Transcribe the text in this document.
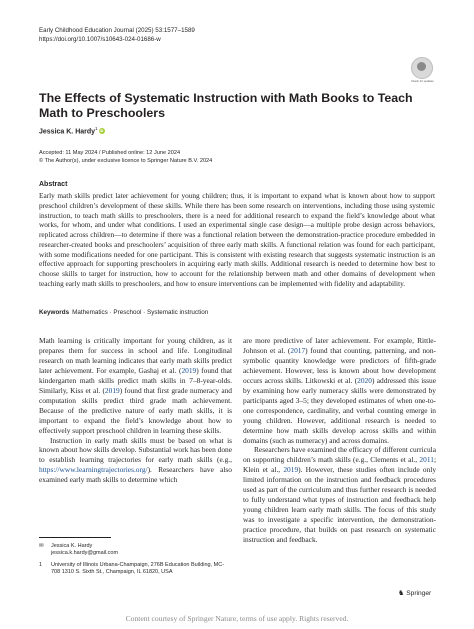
Early Childhood Education Journal (2025) 53:1577–1589
https://doi.org/10.1007/s10643-024-01686-w
Check for updates
The Effects of Systematic Instruction with Math Books to Teach Math to Preschoolers
Jessica K. Hardy$^1$iD
Accepted: 11 May 2024 / Published online: 12 June 2024
© The Author(s), under exclusive licence to Springer Nature B.V. 2024
Abstract
Early math skills predict later achievement for young children; thus, it is important to expand what is known about how to support preschool children’s development of these skills. While there has been some research on interventions, including those using systemic instruction, to teach math skills to preschoolers, there is a need for additional research to expand the field’s knowledge about what works, for whom, and under what conditions. I used an experimental single case design—a multiple probe design across behaviors, replicated across children—to determine if there was a functional relation between the demonstration-practice procedure embedded in researcher-created books and preschoolers’ acquisition of three early math skills. A functional relation was found for each participant, with some modifications needed for one participant. This is consistent with existing research that suggests systematic instruction is an effective approach for supporting preschoolers in acquiring early math skills. Additional research is needed to determine how best to choose skills to target for instruction, how to account for the relationship between math and other domains of development when teaching early math skills to preschoolers, and how to ensure interventions can be implemented with fidelity and adaptability.
Keywords Mathematics · Preschool · Systematic instruction

Math learning is critically important for young children, as it prepares them for success in school and life. Longitudinal research on math learning indicates that early math skills predict later achievement. For example, Gashaj et al. (2019) found that kindergarten math skills predict math skills in 7–8-year-olds. Similarly, Kiss et al. (2019) found that first grade numeracy and computation skills predict third grade math achievement. Because of the predictive nature of early math skills, it is important to expand the field’s knowledge about how to effectively support preschool children in learning these skills.

Instruction in early math skills must be based on what is known about how skills develop. Substantial work has been done to establish learning trajectories for early math skills (e.g., https://www.learningtrajectories.org/). Researchers have also examined early math skills to determine which

are more predictive of later achievement. For example, Rittle-Johnson et al. (2017) found that counting, patterning, and non-symbolic quantity knowledge were predictors of fifth-grade achievement. However, less is known about how development occurs across skills. Litkowski et al. (2020) addressed this issue by examining how early numeracy skills were demonstrated by participants aged 3–5; they developed estimates of when one-to-one correspondence, cardinality, and verbal counting emerge in young children. However, additional research is needed to determine how math skills develop across skills and within domains (such as numeracy) and across domains.

Researchers have examined the efficacy of different curricula on supporting children’s math skills (e.g., Clements et al., 2011; Klein et al., 2019). However, these studies often include only limited information on the instruction and feedback procedures used as part of the curriculum and thus further research is needed to fully understand what types of instruction and feedback help young children learn early math skills. The focus of this study was to investigate a specific intervention, the demonstration-practice procedure, that builds on past research on systematic instruction and feedback.

✉ Jessica K. Hardy
jessica.k.hardy@gmail.com
1 University of Illinois Urbana-Champaign, 276B Education Building, MC-708 1310 S. Sixth St., Champaign, IL 61820, USA
♞ Springer
Content courtesy of Springer Nature, terms of use apply. Rights reserved.
